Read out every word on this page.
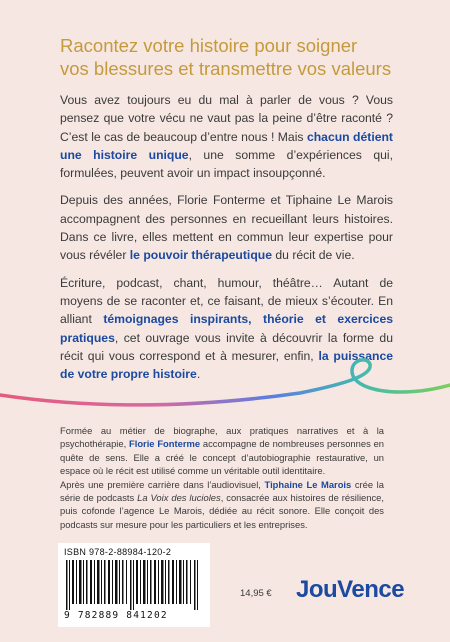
Racontez votre histoire pour soigner
vos blessures et transmettre vos valeurs

Vous avez toujours eu du mal à parler de vous ? Vous pensez que votre vécu ne vaut pas la peine d’être raconté ? C’est le cas de beaucoup d’entre nous ! Mais chacun détient une histoire unique, une somme d’expériences qui, formulées, peuvent avoir un impact insoupçonné.

Depuis des années, Florie Fonterme et Tiphaine Le Marois accompagnent des personnes en recueillant leurs histoires. Dans ce livre, elles mettent en commun leur expertise pour vous révéler le pouvoir thérapeutique du récit de vie.

Écriture, podcast, chant, humour, théâtre… Autant de moyens de se raconter et, ce faisant, de mieux s’écouter. En alliant témoignages inspirants, théorie et exercices pratiques, cet ouvrage vous invite à découvrir la forme du récit qui vous correspond et à mesurer, enfin, la puissance de votre propre histoire.

Formée au métier de biographe, aux pratiques narratives et à la psychothérapie, Florie Fonterme accompagne de nombreuses personnes en quête de sens. Elle a créé le concept d’autobiographie restaurative, un espace où le récit est utilisé comme un véritable outil identitaire.

Après une première carrière dans l’audiovisuel, Tiphaine Le Marois crée la série de podcasts La Voix des lucioles, consacrée aux histoires de résilience, puis cofonde l’agence Le Marois, dédiée au récit sonore. Elle conçoit des podcasts sur mesure pour les particuliers et les entreprises.

ISBN 978-2-88984-120-2
9 782889 841202
14,95 € JouVence
